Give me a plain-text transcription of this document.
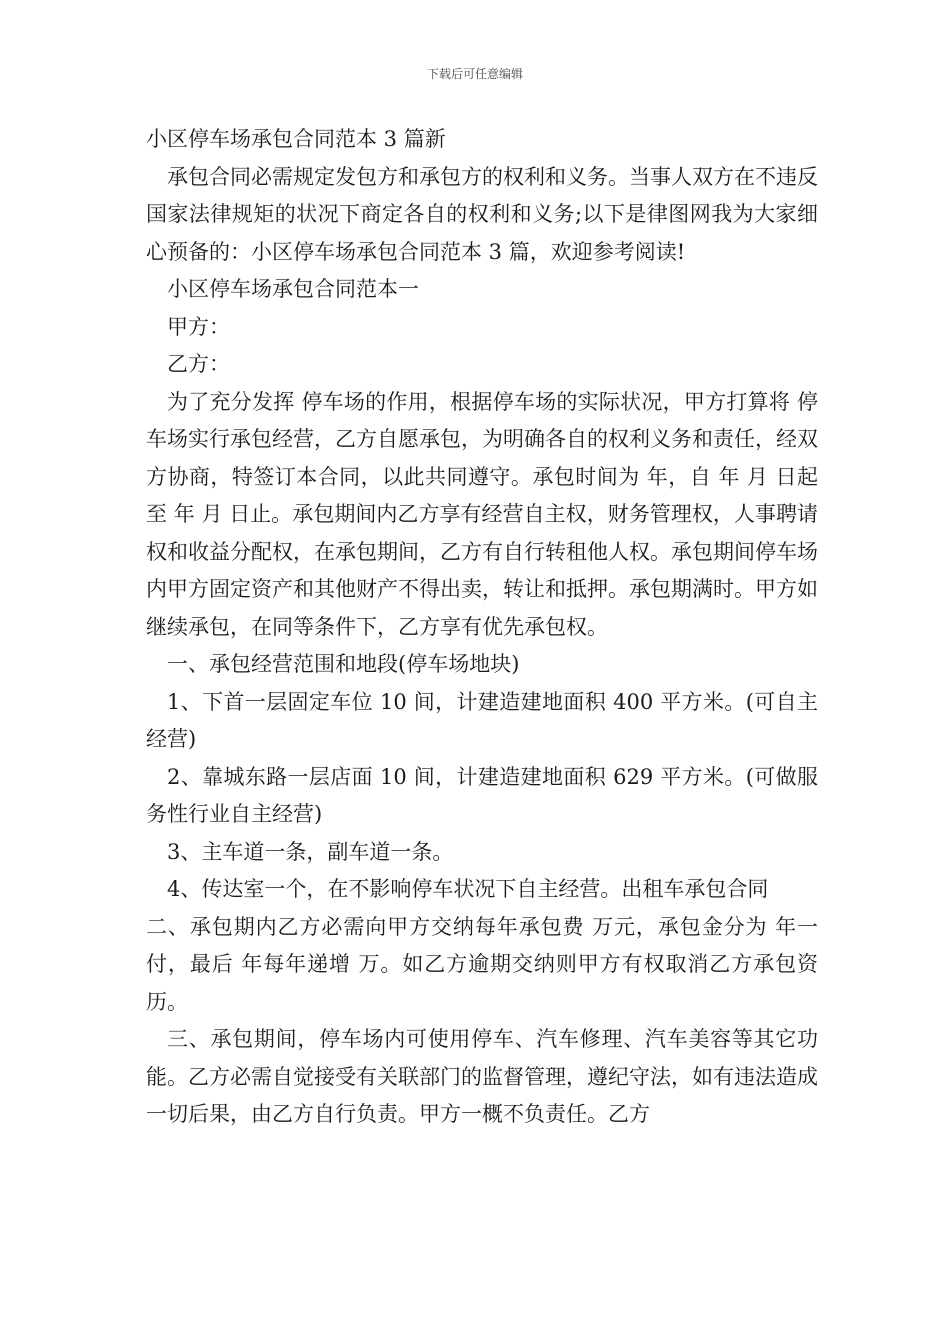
下载后可任意编辑
小区停车场承包合同范本 3 篇新

承包合同必需规定发包方和承包方的权利和义务。当事人双方在不违反国家法律规矩的状况下商定各自的权利和义务;以下是律图网我为大家细心预备的：小区停车场承包合同范本 3 篇，欢迎参考阅读!

小区停车场承包合同范本一

甲方：

乙方：

为了充分发挥 停车场的作用，根据停车场的实际状况，甲方打算将 停车场实行承包经营，乙方自愿承包，为明确各自的权利义务和责任，经双方协商，特签订本合同，以此共同遵守。承包时间为 年，自 年 月 日起至 年 月 日止。承包期间内乙方享有经营自主权，财务管理权，人事聘请权和收益分配权，在承包期间，乙方有自行转租他人权。承包期间停车场内甲方固定资产和其他财产不得出卖，转让和抵押。承包期满时。甲方如继续承包，在同等条件下，乙方享有优先承包权。

一、承包经营范围和地段(停车场地块)

1、下首一层固定车位 10 间，计建造建地面积 400 平方米。(可自主经营)

2、靠城东路一层店面 10 间，计建造建地面积 629 平方米。(可做服务性行业自主经营)

3、主车道一条，副车道一条。

4、传达室一个，在不影响停车状况下自主经营。出租车承包合同

二、承包期内乙方必需向甲方交纳每年承包费 万元，承包金分为 年一付，最后 年每年递增 万。如乙方逾期交纳则甲方有权取消乙方承包资历。

三、承包期间，停车场内可使用停车、汽车修理、汽车美容等其它功能。乙方必需自觉接受有关联部门的监督管理，遵纪守法，如有违法造成一切后果，由乙方自行负责。甲方一概不负责任。乙方
